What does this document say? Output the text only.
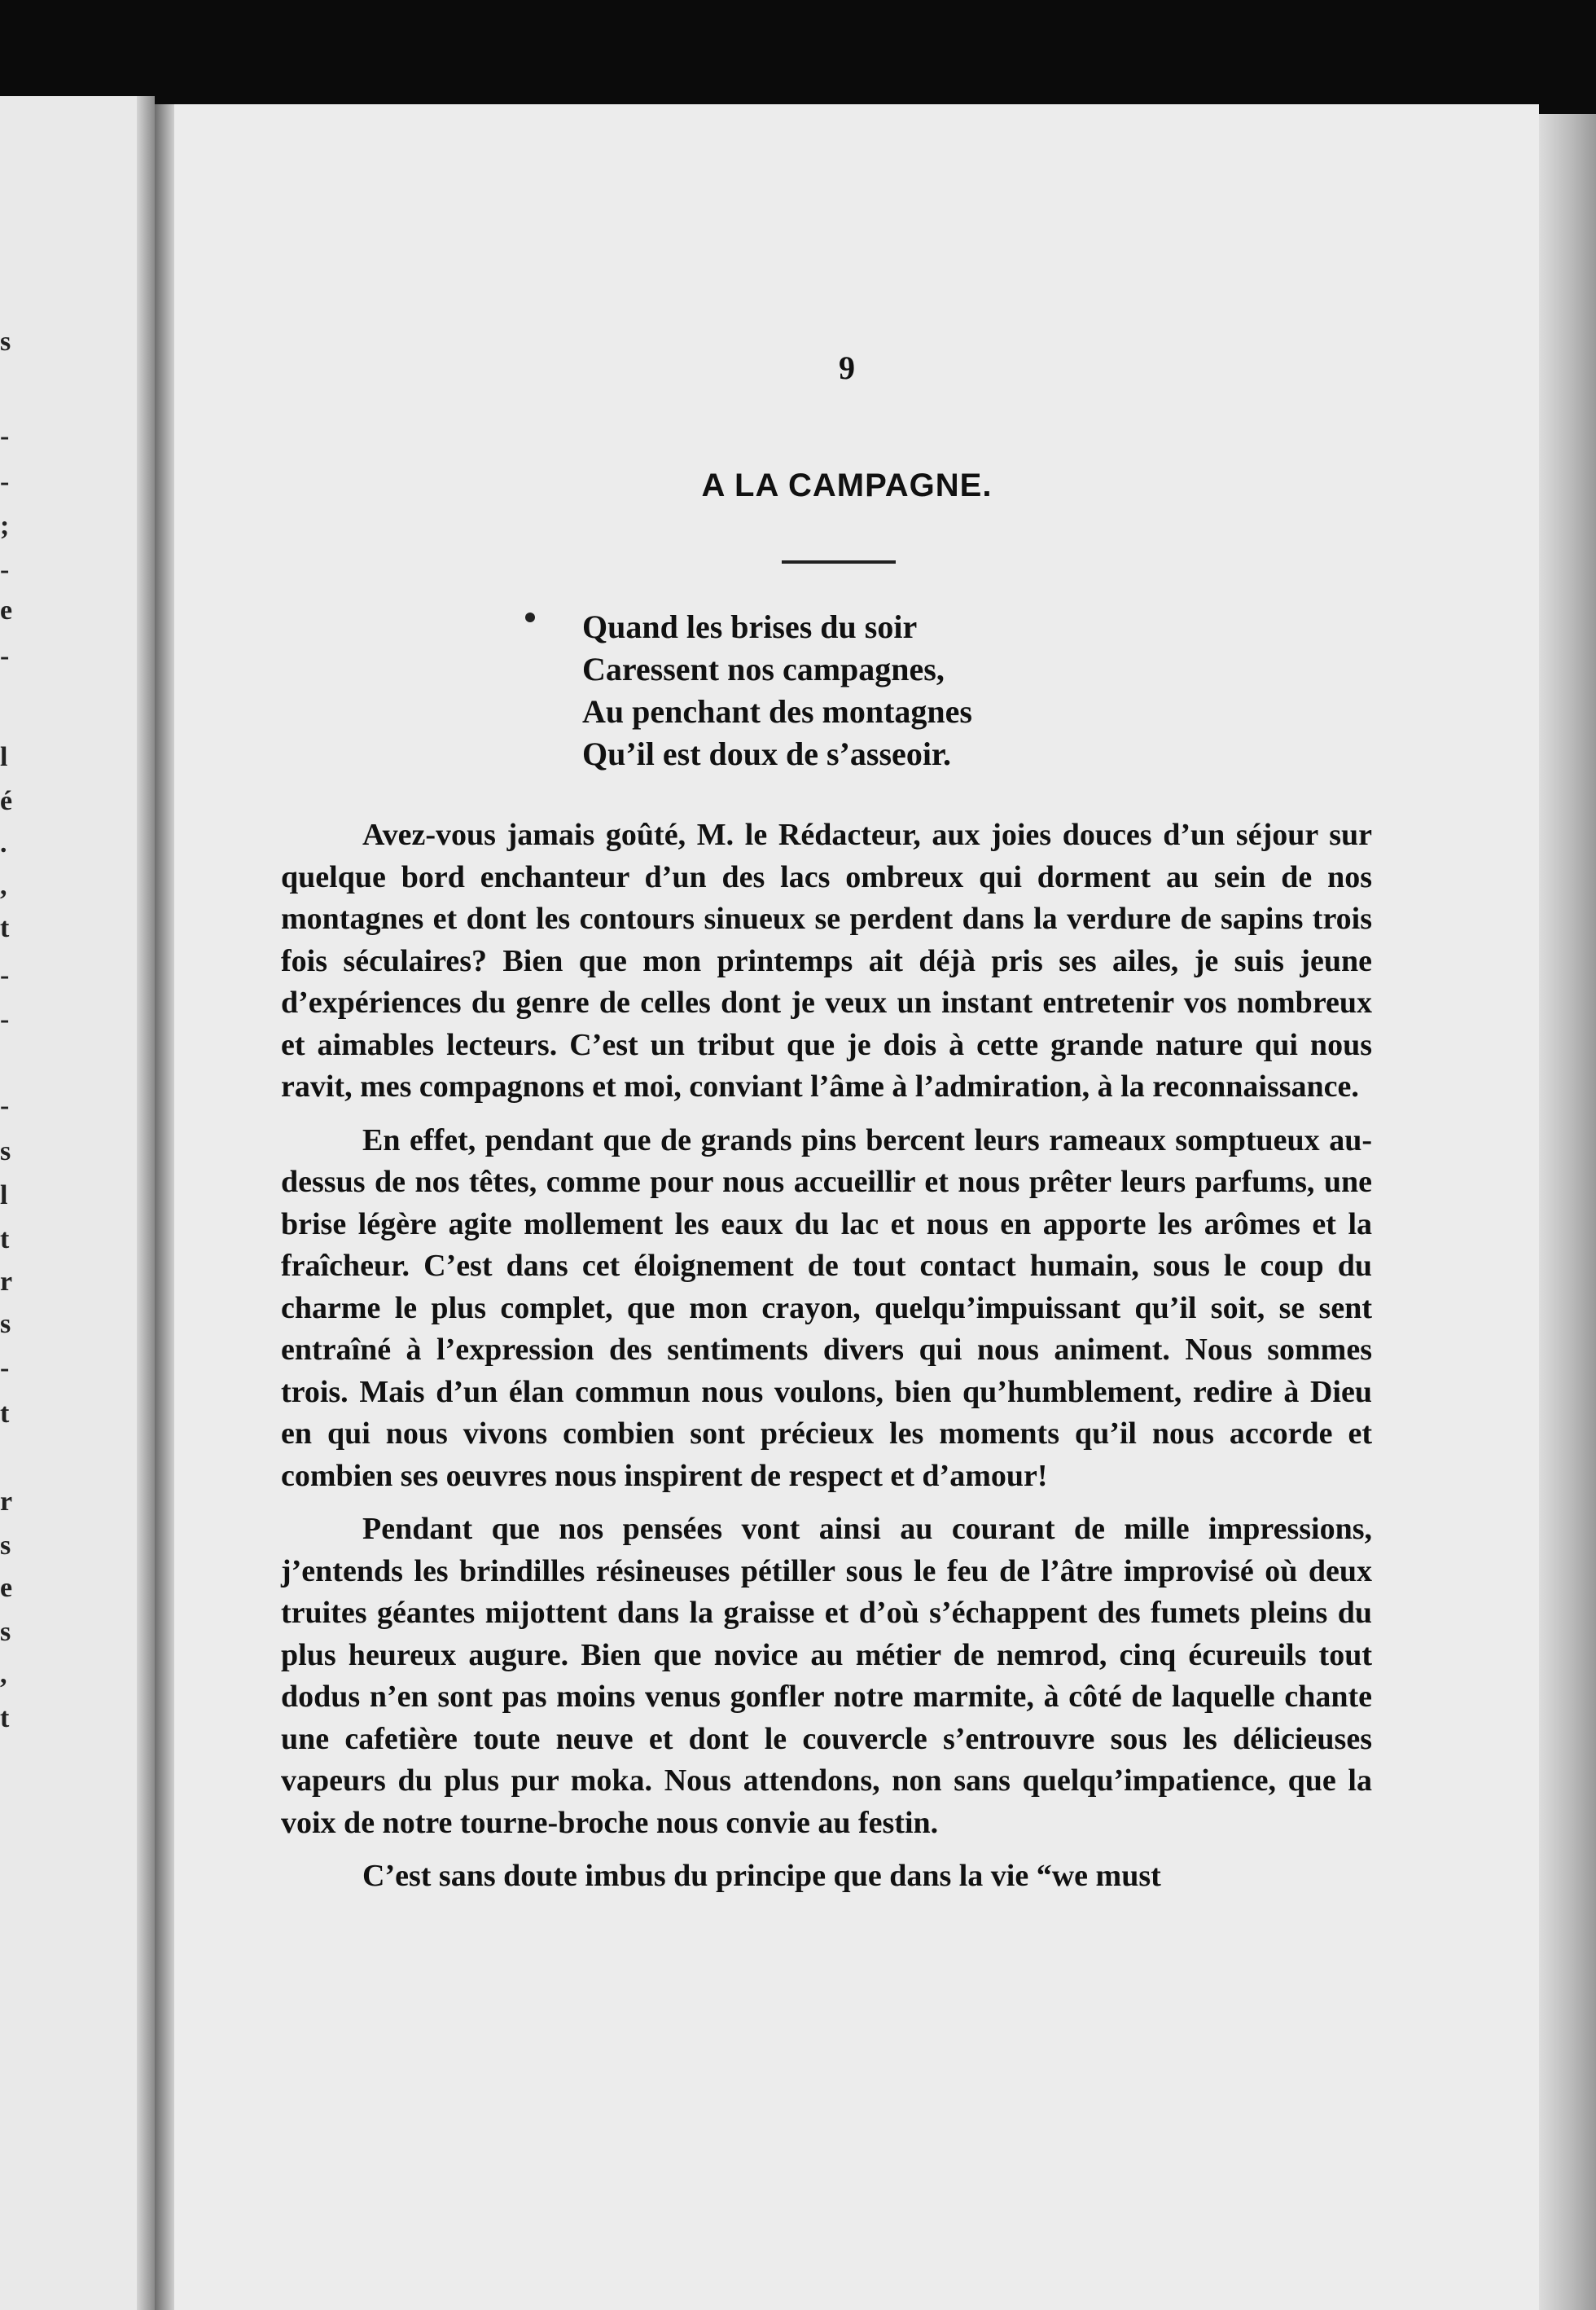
s
-
-
;
-
e
-
l
é
.
,
t
-
-
-
s
l
t
r
s
-
t
r
s
e
s
,
t
9
A LA CAMPAGNE.
Quand les brises du soir
Caressent nos campagnes,
Au penchant des montagnes
Qu’il est doux de s’asseoir.

Avez-vous jamais goûté, M. le Rédacteur, aux joies douces d’un séjour sur quelque bord enchanteur d’un des lacs ombreux qui dorment au sein de nos montagnes et dont les contours sinueux se perdent dans la verdure de sapins trois fois séculaires? Bien que mon printemps ait déjà pris ses ailes, je suis jeune d’expériences du genre de celles dont je veux un instant entretenir vos nombreux et aimables lecteurs. C’est un tribut que je dois à cette grande nature qui nous ravit, mes compagnons et moi, conviant l’âme à l’admiration, à la reconnaissance.

En effet, pendant que de grands pins bercent leurs rameaux somptueux au-dessus de nos têtes, comme pour nous accueillir et nous prêter leurs parfums, une brise légère agite mollement les eaux du lac et nous en apporte les arômes et la fraîcheur. C’est dans cet éloignement de tout contact humain, sous le coup du charme le plus complet, que mon crayon, quelqu’impuissant qu’il soit, se sent entraîné à l’expression des sentiments divers qui nous animent. Nous sommes trois. Mais d’un élan commun nous voulons, bien qu’humblement, redire à Dieu en qui nous vivons combien sont précieux les moments qu’il nous accorde et combien ses oeuvres nous inspirent de respect et d’amour!

Pendant que nos pensées vont ainsi au courant de mille impressions, j’entends les brindilles résineuses pétiller sous le feu de l’âtre improvisé où deux truites géantes mijottent dans la graisse et d’où s’échappent des fumets pleins du plus heureux augure. Bien que novice au métier de nemrod, cinq écureuils tout dodus n’en sont pas moins venus gonfler notre marmite, à côté de laquelle chante une cafetière toute neuve et dont le couvercle s’entrouvre sous les délicieuses vapeurs du plus pur moka. Nous attendons, non sans quelqu’impatience, que la voix de notre tourne-broche nous convie au festin.

C’est sans doute imbus du principe que dans la vie “we must
